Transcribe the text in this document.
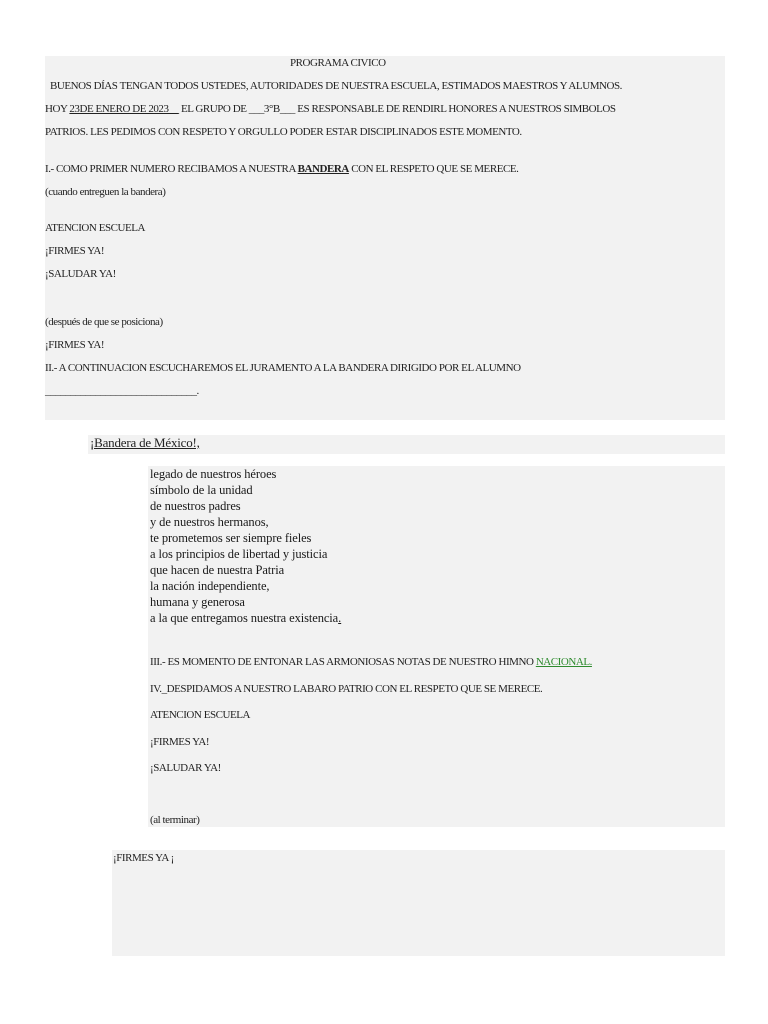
PROGRAMA CIVICO
BUENOS DÍAS TENGAN TODOS USTEDES, AUTORIDADES DE NUESTRA ESCUELA, ESTIMADOS MAESTROS Y ALUMNOS.
HOY 23DE ENERO DE 2023__ EL GRUPO DE ___3°B___ ES RESPONSABLE DE RENDIRL HONORES A NUESTROS SIMBOLOS
PATRIOS. LES PEDIMOS CON RESPETO Y ORGULLO PODER ESTAR DISCIPLINADOS ESTE MOMENTO.
I.- COMO PRIMER NUMERO RECIBAMOS A NUESTRA BANDERA CON EL RESPETO QUE SE MERECE.
(cuando entreguen la bandera)
ATENCION ESCUELA
¡FIRMES YA!
¡SALUDAR YA!
(después de que se posiciona)
¡FIRMES YA!
II.- A CONTINUACION ESCUCHAREMOS EL JURAMENTO A LA BANDERA DIRIGIDO POR EL ALUMNO
______________________________.
¡Bandera de México!,
legado de nuestros héroes
símbolo de la unidad
de nuestros padres
y de nuestros hermanos,
te prometemos ser siempre fieles
a los principios de libertad y justicia
que hacen de nuestra Patria
la nación independiente,
humana y generosa
a la que entregamos nuestra existencia.
III.- ES MOMENTO DE ENTONAR LAS ARMONIOSAS NOTAS DE NUESTRO HIMNO NACIONAL.
IV._DESPIDAMOS A NUESTRO LABARO PATRIO CON EL RESPETO QUE SE MERECE.
ATENCION ESCUELA
¡FIRMES YA!
¡SALUDAR YA!
(al terminar)
¡FIRMES YA ¡
